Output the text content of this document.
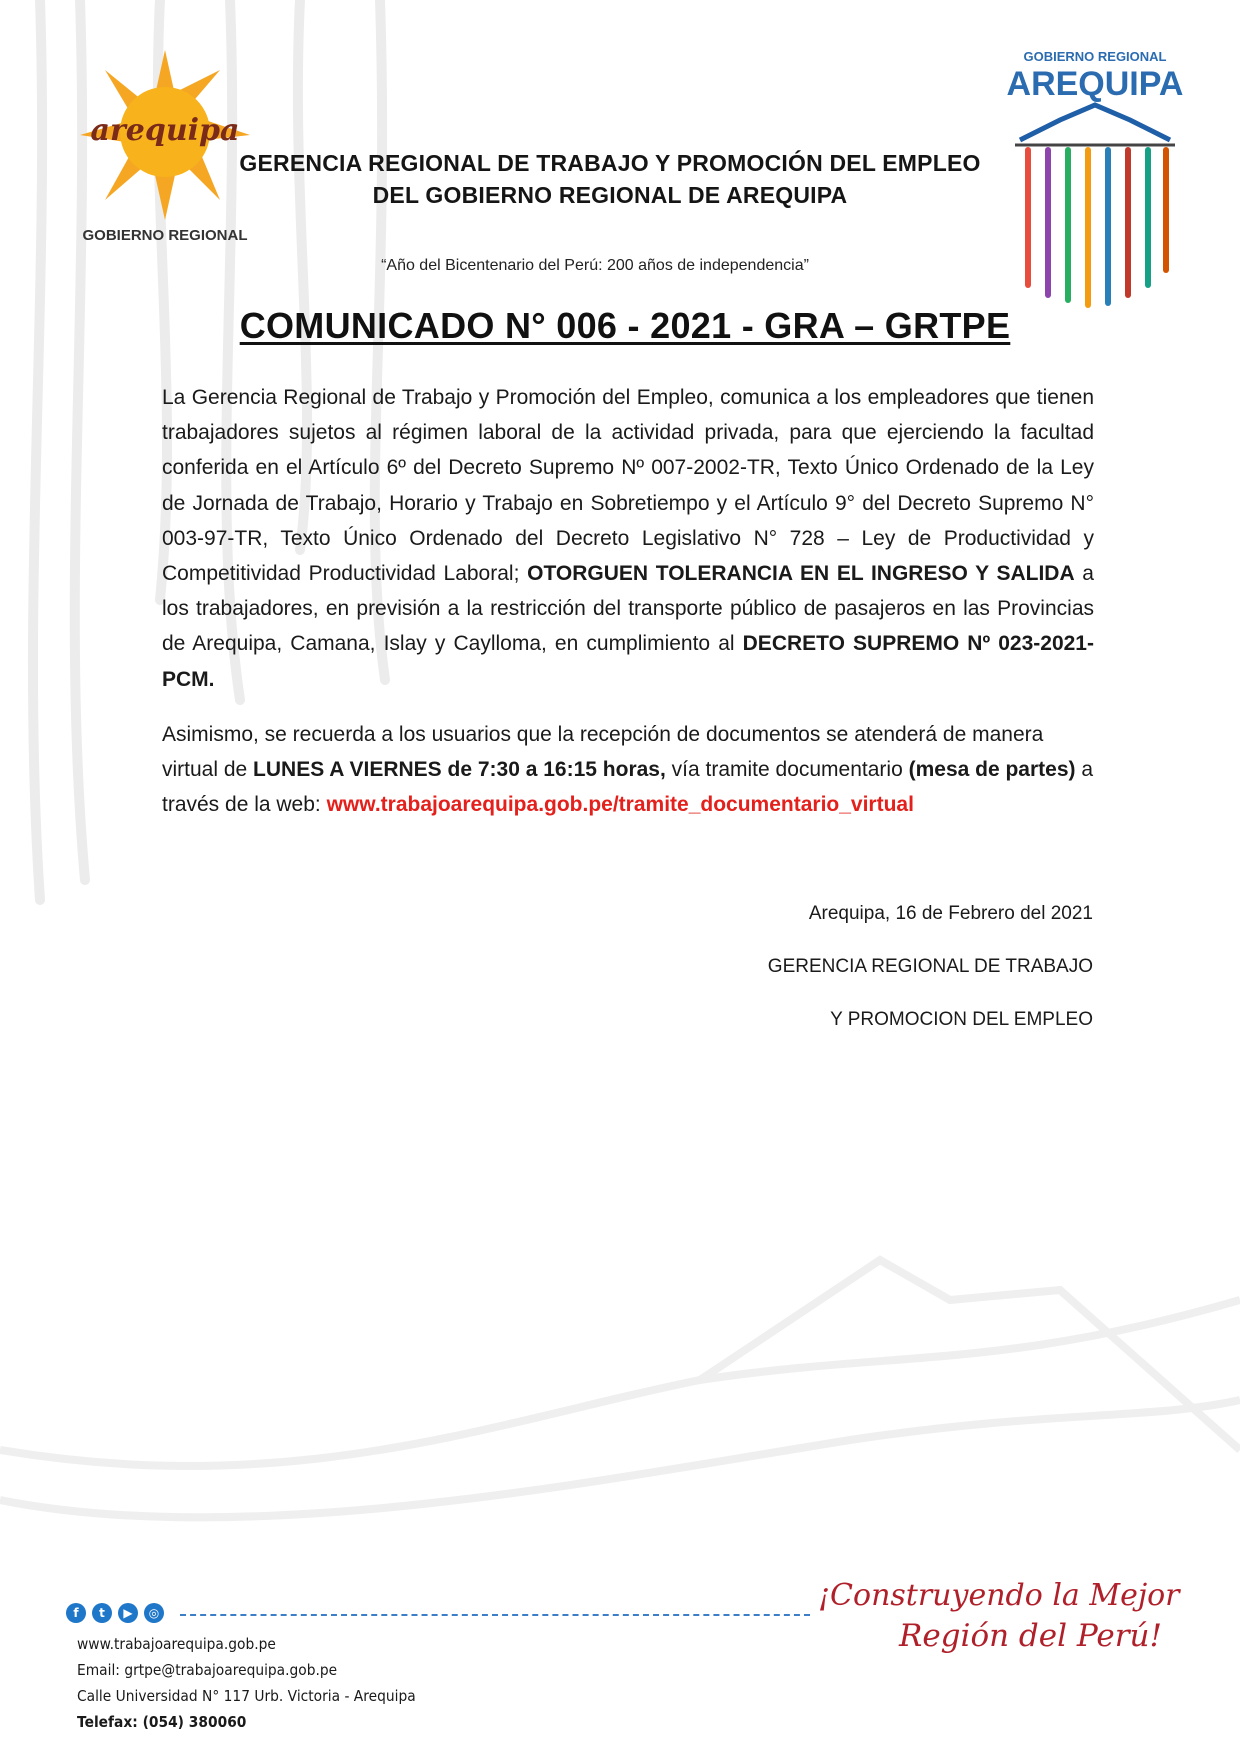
arequipa
GOBIERNO REGIONAL
GOBIERNO REGIONAL
AREQUIPA
GERENCIA REGIONAL DE TRABAJO Y PROMOCIÓN DEL EMPLEO
DEL GOBIERNO REGIONAL DE AREQUIPA
“Año del Bicentenario del Perú: 200 años de independencia”
COMUNICADO N° 006 - 2021 - GRA – GRTPE
La Gerencia Regional de Trabajo y Promoción del Empleo, comunica a los empleadores que tienen trabajadores sujetos al régimen laboral de la actividad privada, para que ejerciendo la facultad conferida en el Artículo 6º del Decreto Supremo Nº 007-2002-TR, Texto Único Ordenado de la Ley de Jornada de Trabajo, Horario y Trabajo en Sobretiempo y el Artículo 9° del Decreto Supremo N° 003-97-TR, Texto Único Ordenado del Decreto Legislativo N° 728 – Ley de Productividad y Competitividad Productividad Laboral; OTORGUEN TOLERANCIA EN EL INGRESO Y SALIDA a los trabajadores, en previsión a la restricción del transporte público de pasajeros en las Provincias de Arequipa, Camana, Islay y Caylloma, en cumplimiento al DECRETO SUPREMO Nº 023-2021-PCM.
Asimismo, se recuerda a los usuarios que la recepción de documentos se atenderá de manera virtual de LUNES A VIERNES de 7:30 a 16:15 horas, vía tramite documentario (mesa de partes) a través de la web: www.trabajoarequipa.gob.pe/tramite_documentario_virtual
Arequipa, 16 de Febrero del 2021
GERENCIA REGIONAL DE TRABAJO
Y PROMOCION DEL EMPLEO
f	t	▶	◎
www.trabajoarequipa.gob.pe
Email: grtpe@trabajoarequipa.gob.pe
Calle Universidad N° 117 Urb. Victoria - Arequipa
Telefax: (054) 380060
¡Construyendo la Mejor
Región del Perú!
